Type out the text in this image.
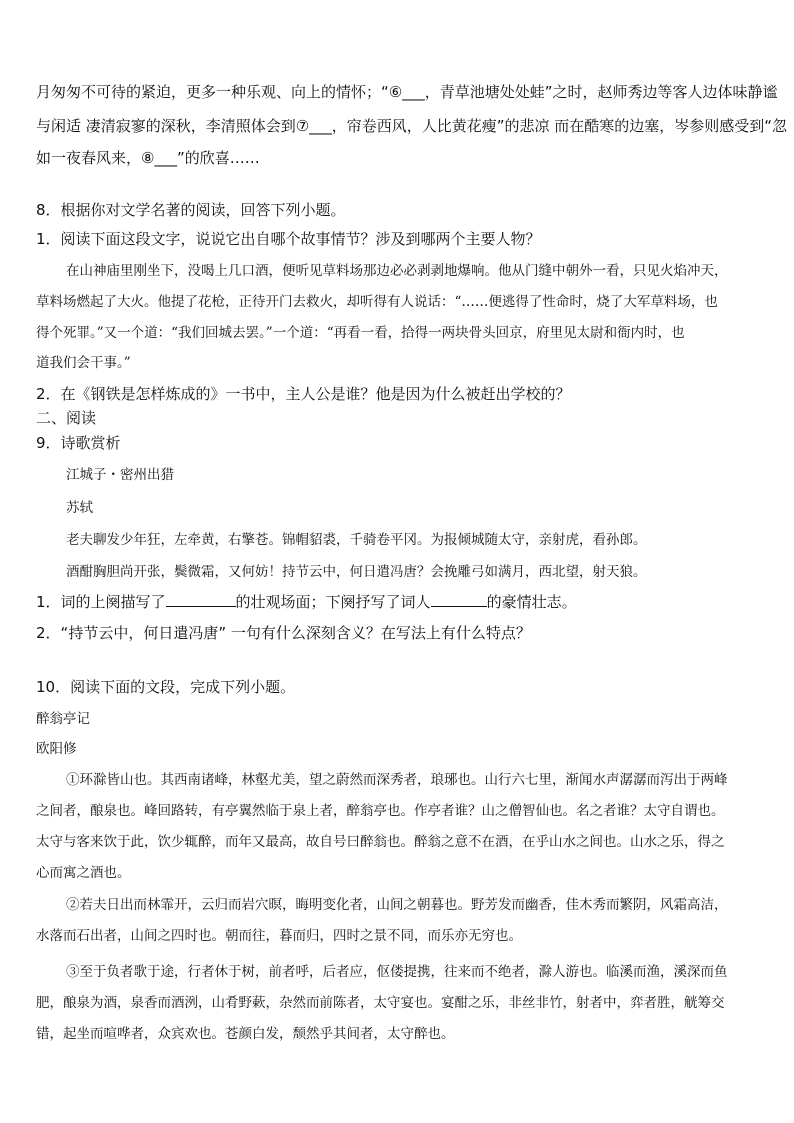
月匆匆不可待的紧迫，更多一种乐观、向上的情怀；“⑥___，青草池塘处处蛙”之时，赵师秀边等客人边体味静谧
与闲适 凄清寂寥的深秋，李清照体会到⑦___，帘卷西风，人比黄花瘦”的悲凉 而在酷寒的边塞，岑参则感受到“忽
如一夜春风来，⑧___”的欣喜……
8．根据你对文学名著的阅读，回答下列小题。
1．阅读下面这段文字，说说它出自哪个故事情节？涉及到哪两个主要人物？
在山神庙里刚坐下，没喝上几口酒，便听见草料场那边必必剥剥地爆响。他从门缝中朝外一看，只见火焰冲天，
草料场燃起了大火。他提了花枪，正待开门去救火，却听得有人说话：“……便逃得了性命时，烧了大军草料场，也
得个死罪。”又一个道：“我们回城去罢。”一个道：“再看一看，拾得一两块骨头回京，府里见太尉和衙内时，也
道我们会干事。”
2．在《钢铁是怎样炼成的》一书中，主人公是谁？他是因为什么被赶出学校的？
二、阅读
9．诗歌赏析
江城子・密州出猎
苏轼
老夫聊发少年狂，左牵黄，右擎苍。锦帽貂裘，千骑卷平冈。为报倾城随太守，亲射虎，看孙郎。
酒酣胸胆尚开张，鬓微霜，又何妨！持节云中，何日遣冯唐？会挽雕弓如满月，西北望，射天狼。
1．词的上阕描写了	的壮观场面；下阕抒写了词人	的豪情壮志。
2．“持节云中，何日遣冯唐” 一句有什么深刻含义？在写法上有什么特点？
10．阅读下面的文段，完成下列小题。
醉翁亭记
欧阳修
①环滁皆山也。其西南诸峰，林壑尤美，望之蔚然而深秀者，琅琊也。山行六七里，渐闻水声潺潺而泻出于两峰
之间者，酿泉也。峰回路转，有亭翼然临于泉上者，醉翁亭也。作亭者谁？山之僧智仙也。名之者谁？太守自谓也。
太守与客来饮于此，饮少辄醉，而年又最高，故自号曰醉翁也。醉翁之意不在酒，在乎山水之间也。山水之乐，得之
心而寓之酒也。
②若夫日出而林霏开，云归而岩穴暝，晦明变化者，山间之朝暮也。野芳发而幽香，佳木秀而繁阴，风霜高洁，
水落而石出者，山间之四时也。朝而往，暮而归，四时之景不同，而乐亦无穷也。
③至于负者歌于途，行者休于树，前者呼，后者应，伛偻提携，往来而不绝者，滁人游也。临溪而渔，溪深而鱼
肥，酿泉为酒，泉香而酒洌，山肴野蔌，杂然而前陈者，太守宴也。宴酣之乐，非丝非竹，射者中，弈者胜，觥筹交
错，起坐而喧哗者，众宾欢也。苍颜白发，颓然乎其间者，太守醉也。
